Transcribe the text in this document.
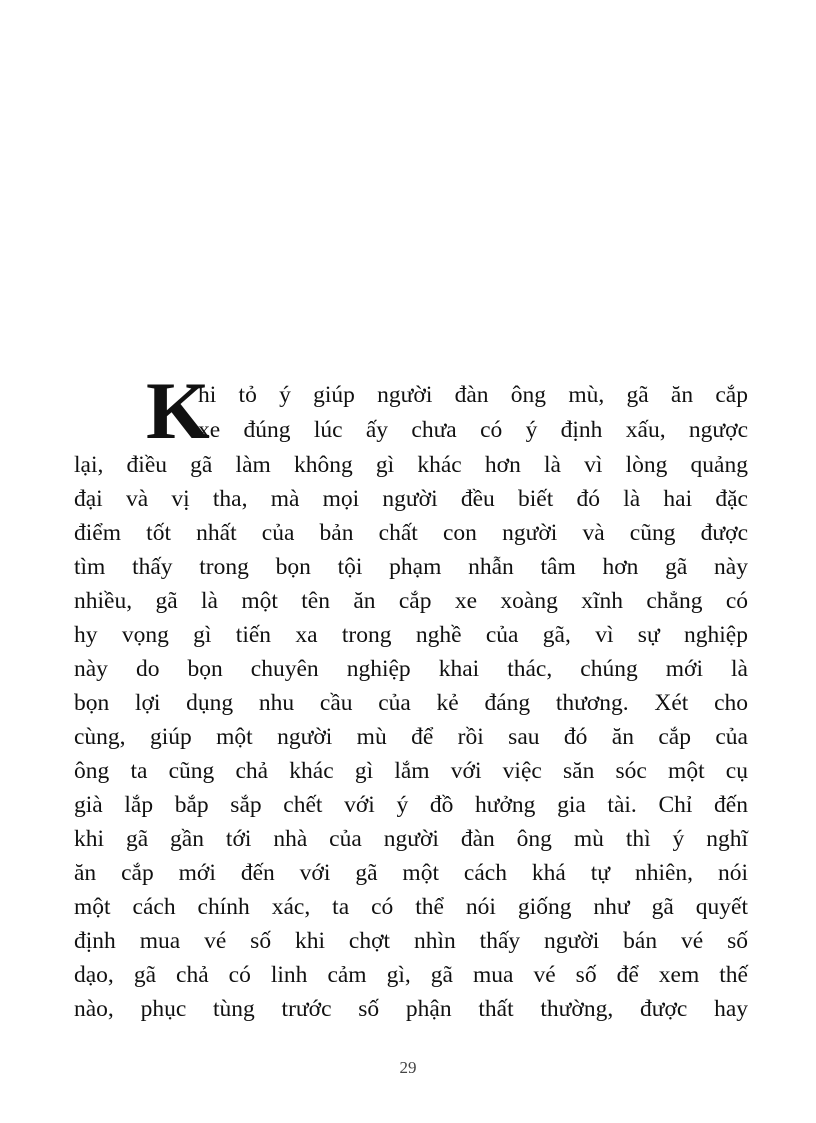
K
hi tỏ ý giúp người đàn ông mù, gã ăn cắp
xe đúng lúc ấy chưa có ý định xấu, ngược
lại, điều gã làm không gì khác hơn là vì lòng quảng
đại và vị tha, mà mọi người đều biết đó là hai đặc
điểm tốt nhất của bản chất con người và cũng được
tìm thấy trong bọn tội phạm nhẫn tâm hơn gã này
nhiều, gã là một tên ăn cắp xe xoàng xĩnh chẳng có
hy vọng gì tiến xa trong nghề của gã, vì sự nghiệp
này do bọn chuyên nghiệp khai thác, chúng mới là
bọn lợi dụng nhu cầu của kẻ đáng thương. Xét cho
cùng, giúp một người mù để rồi sau đó ăn cắp của
ông ta cũng chả khác gì lắm với việc săn sóc một cụ
già lắp bắp sắp chết với ý đồ hưởng gia tài. Chỉ đến
khi gã gần tới nhà của người đàn ông mù thì ý nghĩ
ăn cắp mới đến với gã một cách khá tự nhiên, nói
một cách chính xác, ta có thể nói giống như gã quyết
định mua vé số khi chợt nhìn thấy người bán vé số
dạo, gã chả có linh cảm gì, gã mua vé số để xem thế
nào, phục tùng trước số phận thất thường, được hay
29
